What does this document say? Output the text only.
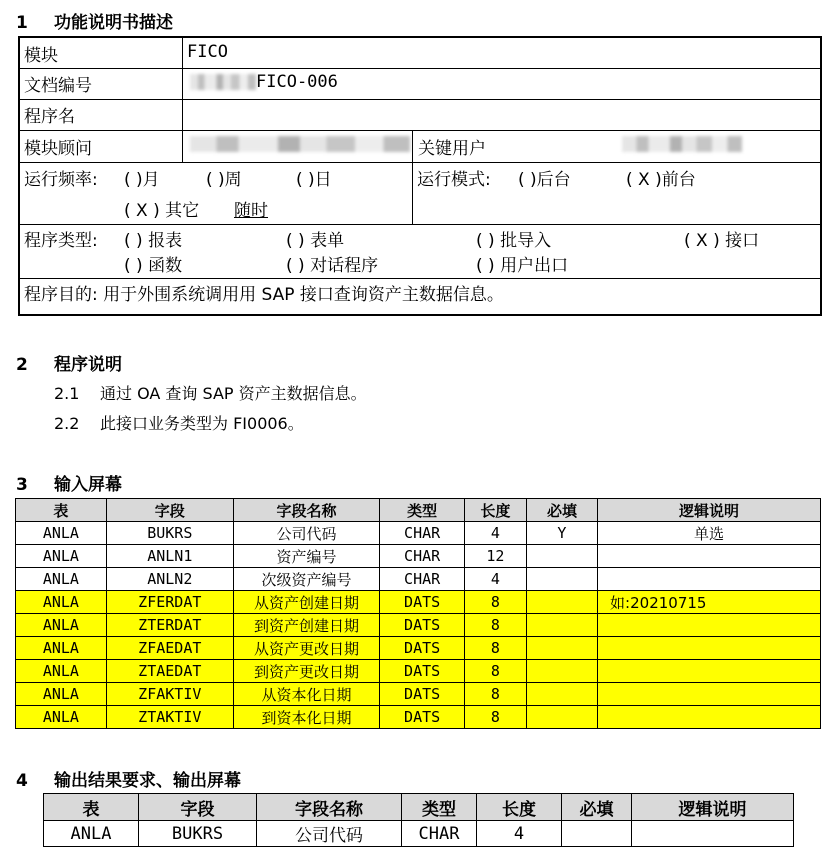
1 功能说明书描述
模块	FICO
文档编号	FICO-006
程序名
模块顾问	关键用户
运行频率: ( )月	( )周	( )日
( X ) 其它 随时
运行模式: ( )后台	( X )前台
程序类型: ( ) 报表	( ) 表单	( ) 批导入	( X ) 接口
( ) 函数	( ) 对话程序	( ) 用户出口
程序目的: 用于外围系统调用用 SAP 接口查询资产主数据信息。
2 程序说明
2.1 通过 OA 查询 SAP 资产主数据信息。
2.2 此接口业务类型为 FI0006。
3 输入屏幕
表	字段	字段名称	类型	长度	必填	逻辑说明
ANLA	BUKRS	公司代码	CHAR	4	Y	单选
ANLA	ANLN1	资产编号	CHAR	12		
ANLA	ANLN2	次级资产编号	CHAR	4		
ANLA	ZFERDAT	从资产创建日期	DATS	8		如:20210715
ANLA	ZTERDAT	到资产创建日期	DATS	8		
ANLA	ZFAEDAT	从资产更改日期	DATS	8		
ANLA	ZTAEDAT	到资产更改日期	DATS	8		
ANLA	ZFAKTIV	从资本化日期	DATS	8		
ANLA	ZTAKTIV	到资本化日期	DATS	8		
4 输出结果要求、输出屏幕
表	字段	字段名称	类型	长度	必填	逻辑说明
ANLA	BUKRS	公司代码	CHAR	4		
